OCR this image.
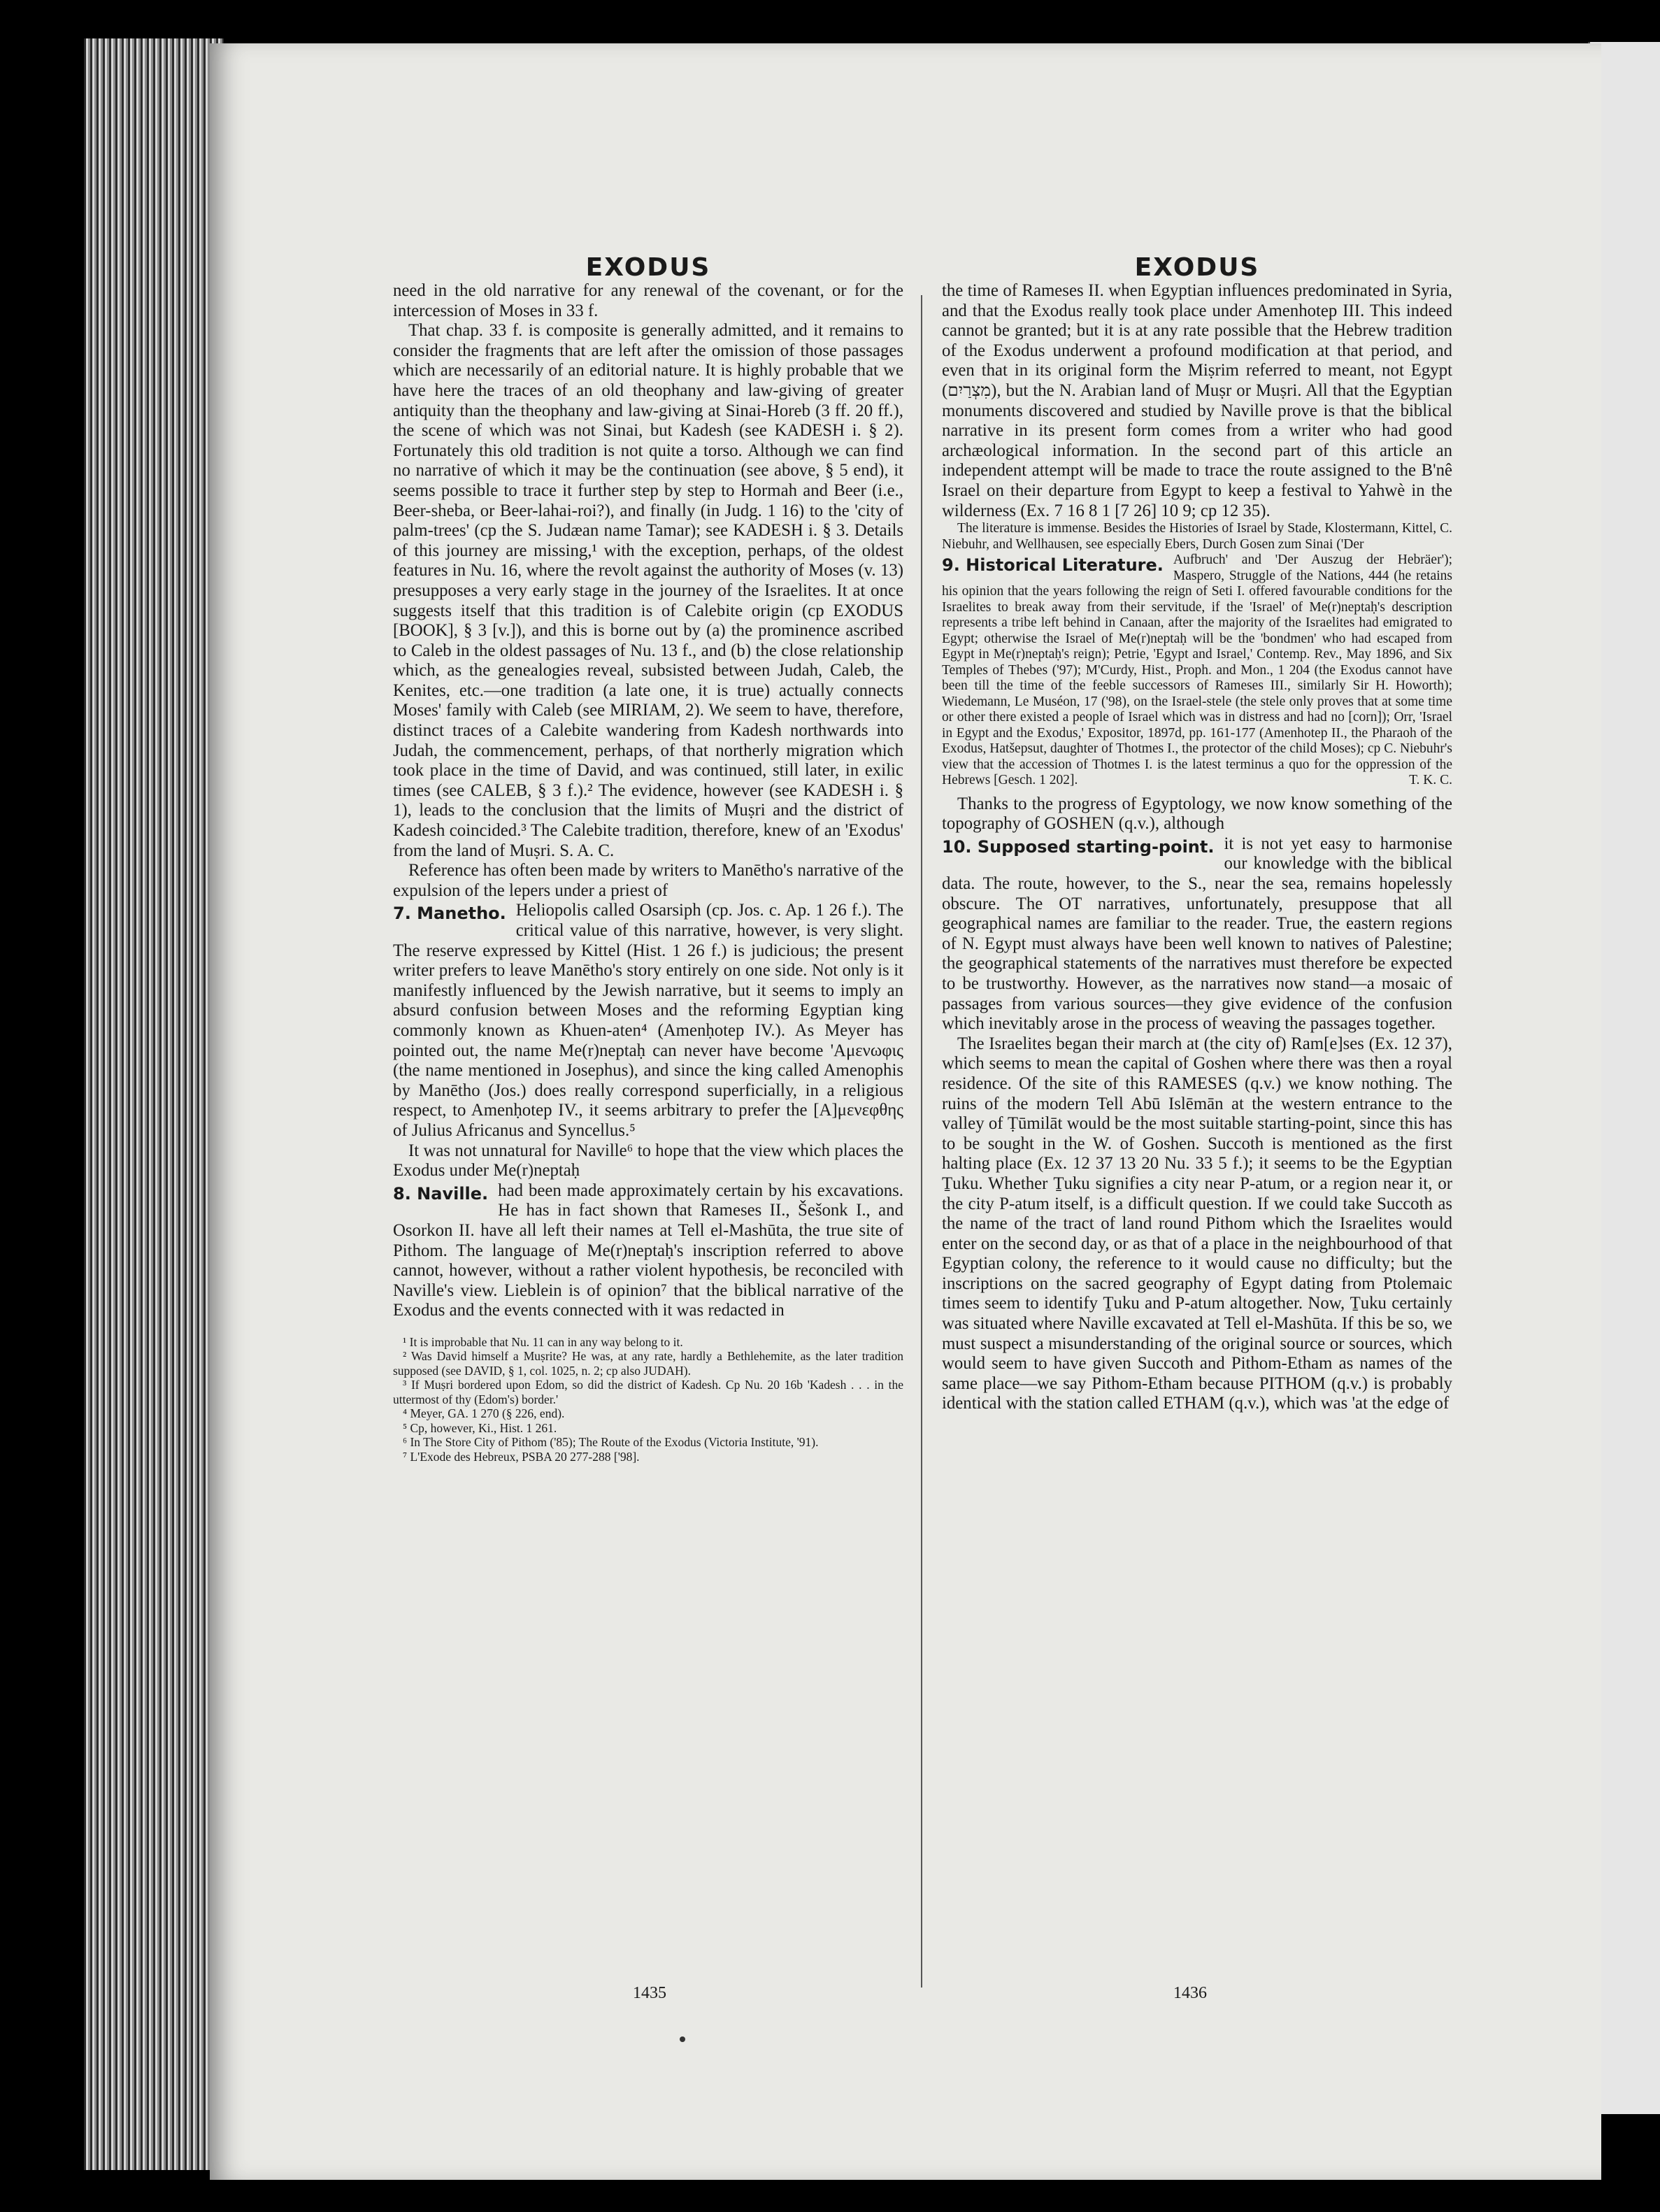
EXODUS	EXODUS

need in the old narrative for any renewal of the covenant, or for the intercession of Moses in 33 f.

That chap. 33 f. is composite is generally admitted, and it remains to consider the fragments that are left after the omission of those passages which are necessarily of an editorial nature. It is highly probable that we have here the traces of an old theophany and law-giving of greater antiquity than the theophany and law-giving at Sinai-Horeb (3 ff. 20 ff.), the scene of which was not Sinai, but Kadesh (see KADESH i. § 2). Fortunately this old tradition is not quite a torso. Although we can find no narrative of which it may be the continuation (see above, § 5 end), it seems possible to trace it further step by step to Hormah and Beer (i.e., Beer-sheba, or Beer-lahai-roi?), and finally (in Judg. 1 16) to the 'city of palm-trees' (cp the S. Judæan name Tamar); see KADESH i. § 3. Details of this journey are missing,¹ with the exception, perhaps, of the oldest features in Nu. 16, where the revolt against the authority of Moses (v. 13) presupposes a very early stage in the journey of the Israelites. It at once suggests itself that this tradition is of Calebite origin (cp EXODUS [BOOK], § 3 [v.]), and this is borne out by (a) the prominence ascribed to Caleb in the oldest passages of Nu. 13 f., and (b) the close relationship which, as the genealogies reveal, subsisted between Judah, Caleb, the Kenites, etc.—one tradition (a late one, it is true) actually connects Moses' family with Caleb (see MIRIAM, 2). We seem to have, therefore, distinct traces of a Calebite wandering from Kadesh northwards into Judah, the commencement, perhaps, of that northerly migration which took place in the time of David, and was continued, still later, in exilic times (see CALEB, § 3 f.).² The evidence, however (see KADESH i. § 1), leads to the conclusion that the limits of Muṣri and the district of Kadesh coincided.³ The Calebite tradition, therefore, knew of an 'Exodus' from the land of Muṣri. S. A. C.

Reference has often been made by writers to Manētho's narrative of the expulsion of the lepers under a priest of

7. Manetho. Heliopolis called Osarsiph (cp. Jos. c. Ap. 1 26 f.). The critical value of this narrative, however, is very slight. The reserve expressed by Kittel (Hist. 1 26 f.) is judicious; the present writer prefers to leave Manētho's story entirely on one side. Not only is it manifestly influenced by the Jewish narrative, but it seems to imply an absurd confusion between Moses and the reforming Egyptian king commonly known as Khuen-aten⁴ (Amenḥotep IV.). As Meyer has pointed out, the name Me(r)neptaḥ can never have become 'Αμενωφις (the name mentioned in Josephus), and since the king called Amenophis by Manētho (Jos.) does really correspond superficially, in a religious respect, to Amenḥotep IV., it seems arbitrary to prefer the [A]μενεφθης of Julius Africanus and Syncellus.⁵

It was not unnatural for Naville⁶ to hope that the view which places the Exodus under Me(r)neptaḥ

8. Naville. had been made approximately certain by his excavations. He has in fact shown that Rameses II., Šešonk I., and Osorkon II. have all left their names at Tell el-Mashūta, the true site of Pithom. The language of Me(r)neptaḥ's inscription referred to above cannot, however, without a rather violent hypothesis, be reconciled with Naville's view. Lieblein is of opinion⁷ that the biblical narrative of the Exodus and the events connected with it was redacted in

¹ It is improbable that Nu. 11 can in any way belong to it.

² Was David himself a Muṣrite? He was, at any rate, hardly a Bethlehemite, as the later tradition supposed (see DAVID, § 1, col. 1025, n. 2; cp also JUDAH).

³ If Muṣri bordered upon Edom, so did the district of Kadesh. Cp Nu. 20 16b 'Kadesh . . . in the uttermost of thy (Edom's) border.'

⁴ Meyer, GA. 1 270 (§ 226, end).

⁵ Cp, however, Ki., Hist. 1 261.

⁶ In The Store City of Pithom ('85); The Route of the Exodus (Victoria Institute, '91).

⁷ L'Exode des Hebreux, PSBA 20 277-288 ['98].

the time of Rameses II. when Egyptian influences predominated in Syria, and that the Exodus really took place under Amenhotep III. This indeed cannot be granted; but it is at any rate possible that the Hebrew tradition of the Exodus underwent a profound modification at that period, and even that in its original form the Miṣrim referred to meant, not Egypt (מִצְרַיִם), but the N. Arabian land of Muṣr or Muṣri. All that the Egyptian monuments discovered and studied by Naville prove is that the biblical narrative in its present form comes from a writer who had good archæological information. In the second part of this article an independent attempt will be made to trace the route assigned to the B'nê Israel on their departure from Egypt to keep a festival to Yahwè in the wilderness (Ex. 7 16 8 1 [7 26] 10 9; cp 12 35).

The literature is immense. Besides the Histories of Israel by Stade, Klostermann, Kittel, C. Niebuhr, and Wellhausen, see especially Ebers, Durch Gosen zum Sinai ('Der

9. Historical Literature. Aufbruch' and 'Der Auszug der Hebräer'); Maspero, Struggle of the Nations, 444 (he retains his opinion that the years following the reign of Seti I. offered favourable conditions for the Israelites to break away from their servitude, if the 'Israel' of Me(r)neptaḥ's description represents a tribe left behind in Canaan, after the majority of the Israelites had emigrated to Egypt; otherwise the Israel of Me(r)neptaḥ will be the 'bondmen' who had escaped from Egypt in Me(r)neptaḥ's reign); Petrie, 'Egypt and Israel,' Contemp. Rev., May 1896, and Six Temples of Thebes ('97); M'Curdy, Hist., Proph. and Mon., 1 204 (the Exodus cannot have been till the time of the feeble successors of Rameses III., similarly Sir H. Howorth); Wiedemann, Le Muséon, 17 ('98), on the Israel-stele (the stele only proves that at some time or other there existed a people of Israel which was in distress and had no [corn]); Orr, 'Israel in Egypt and the Exodus,' Expositor, 1897d, pp. 161-177 (Amenhotep II., the Pharaoh of the Exodus, Hatšepsut, daughter of Thotmes I., the protector of the child Moses); cp C. Niebuhr's view that the accession of Thotmes I. is the latest terminus a quo for the oppression of the Hebrews [Gesch. 1 202].	T. K. C.

Thanks to the progress of Egyptology, we now know something of the topography of GOSHEN (q.v.), although

10. Supposed starting-point. it is not yet easy to harmonise our knowledge with the biblical data. The route, however, to the S., near the sea, remains hopelessly obscure. The OT narratives, unfortunately, presuppose that all geographical names are familiar to the reader. True, the eastern regions of N. Egypt must always have been well known to natives of Palestine; the geographical statements of the narratives must therefore be expected to be trustworthy. However, as the narratives now stand—a mosaic of passages from various sources—they give evidence of the confusion which inevitably arose in the process of weaving the passages together.

The Israelites began their march at (the city of) Ram[e]ses (Ex. 12 37), which seems to mean the capital of Goshen where there was then a royal residence. Of the site of this RAMESES (q.v.) we know nothing. The ruins of the modern Tell Abū Islēmān at the western entrance to the valley of Ṭūmilāt would be the most suitable starting-point, since this has to be sought in the W. of Goshen. Succoth is mentioned as the first halting place (Ex. 12 37 13 20 Nu. 33 5 f.); it seems to be the Egyptian Ṯuku. Whether Ṯuku signifies a city near P-atum, or a region near it, or the city P-atum itself, is a difficult question. If we could take Succoth as the name of the tract of land round Pithom which the Israelites would enter on the second day, or as that of a place in the neighbourhood of that Egyptian colony, the reference to it would cause no difficulty; but the inscriptions on the sacred geography of Egypt dating from Ptolemaic times seem to identify Ṯuku and P-atum altogether. Now, Ṯuku certainly was situated where Naville excavated at Tell el-Mashūta. If this be so, we must suspect a misunderstanding of the original source or sources, which would seem to have given Succoth and Pithom-Etham as names of the same place—we say Pithom-Etham because PITHOM (q.v.) is probably identical with the station called ETHAM (q.v.), which was 'at the edge of

1435	1436
